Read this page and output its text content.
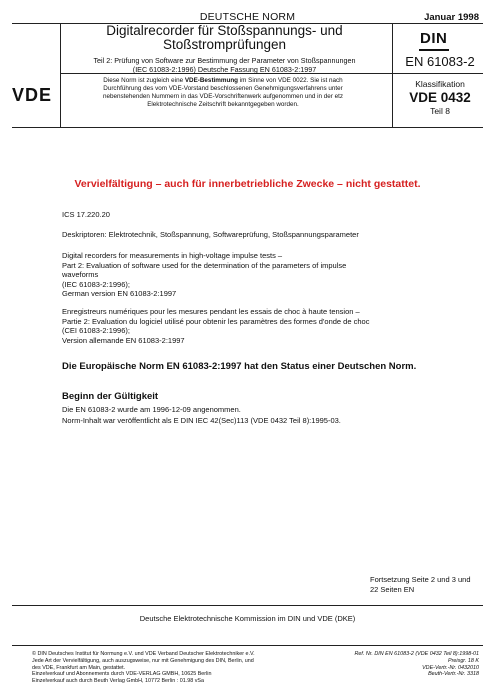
DEUTSCHE NORM	Januar 1998
Digitalrecorder für Stoßspannungs- und
Stoßstromprüfungen
Teil 2: Prüfung von Software zur Bestimmung der Parameter von Stoßspannungen
(IEC 61083-2:1996) Deutsche Fassung EN 61083-2:1997
DIN
EN 61083-2
VDE
Diese Norm ist zugleich eine VDE-Bestimmung im Sinne von VDE 0022. Sie ist nach
Durchführung des vom VDE-Vorstand beschlossenen Genehmigungsverfahrens unter
nebenstehenden Nummern in das VDE-Vorschriftenwerk aufgenommen und in der etz
Elektrotechnische Zeitschrift bekanntgegeben worden.
Klassifikation
VDE 0432
Teil 8
Vervielfältigung – auch für innerbetriebliche Zwecke – nicht gestattet.
ICS 17.220.20
Deskriptoren: Elektrotechnik, Stoßspannung, Softwareprüfung, Stoßspannungsparameter
Digital recorders for measurements in high-voltage impulse tests –
Part 2: Evaluation of software used for the determination of the parameters of impulse
waveforms
(IEC 61083-2:1996);
German version EN 61083-2:1997
Enregistreurs numériques pour les mesures pendant les essais de choc à haute tension –
Partie 2: Evaluation du logiciel utilisé pour obtenir les paramètres des formes d'onde de choc
(CEI 61083-2:1996);
Version allemande EN 61083-2:1997
Die Europäische Norm EN 61083-2:1997 hat den Status einer Deutschen Norm.
Beginn der Gültigkeit
Die EN 61083-2 wurde am 1996-12-09 angenommen.
Norm-Inhalt war veröffentlicht als E DIN IEC 42(Sec)113 (VDE 0432 Teil 8):1995-03.
Fortsetzung Seite 2 und 3 und
22 Seiten EN
Deutsche Elektrotechnische Kommission im DIN und VDE (DKE)
© DIN Deutsches Institut für Normung e.V. und VDE Verband Deutscher Elektrotechniker e.V.
Jede Art der Vervielfältigung, auch auszugsweise, nur mit Genehmigung des DIN, Berlin, und
des VDE, Frankfurt am Main, gestattet.
Einzelverkauf und Abonnements durch VDE-VERLAG GMBH, 10625 Berlin
Einzelverkauf auch durch Beuth Verlag GmbH, 10772 Berlin : 01.98 vSa
Ref. Nr. DIN EN 61083-2 (VDE 0432 Teil 8):1998-01
Preisgr. 18 K
VDE-Vertr.-Nr. 0432010
Beuth-Vertr.-Nr. 3318
